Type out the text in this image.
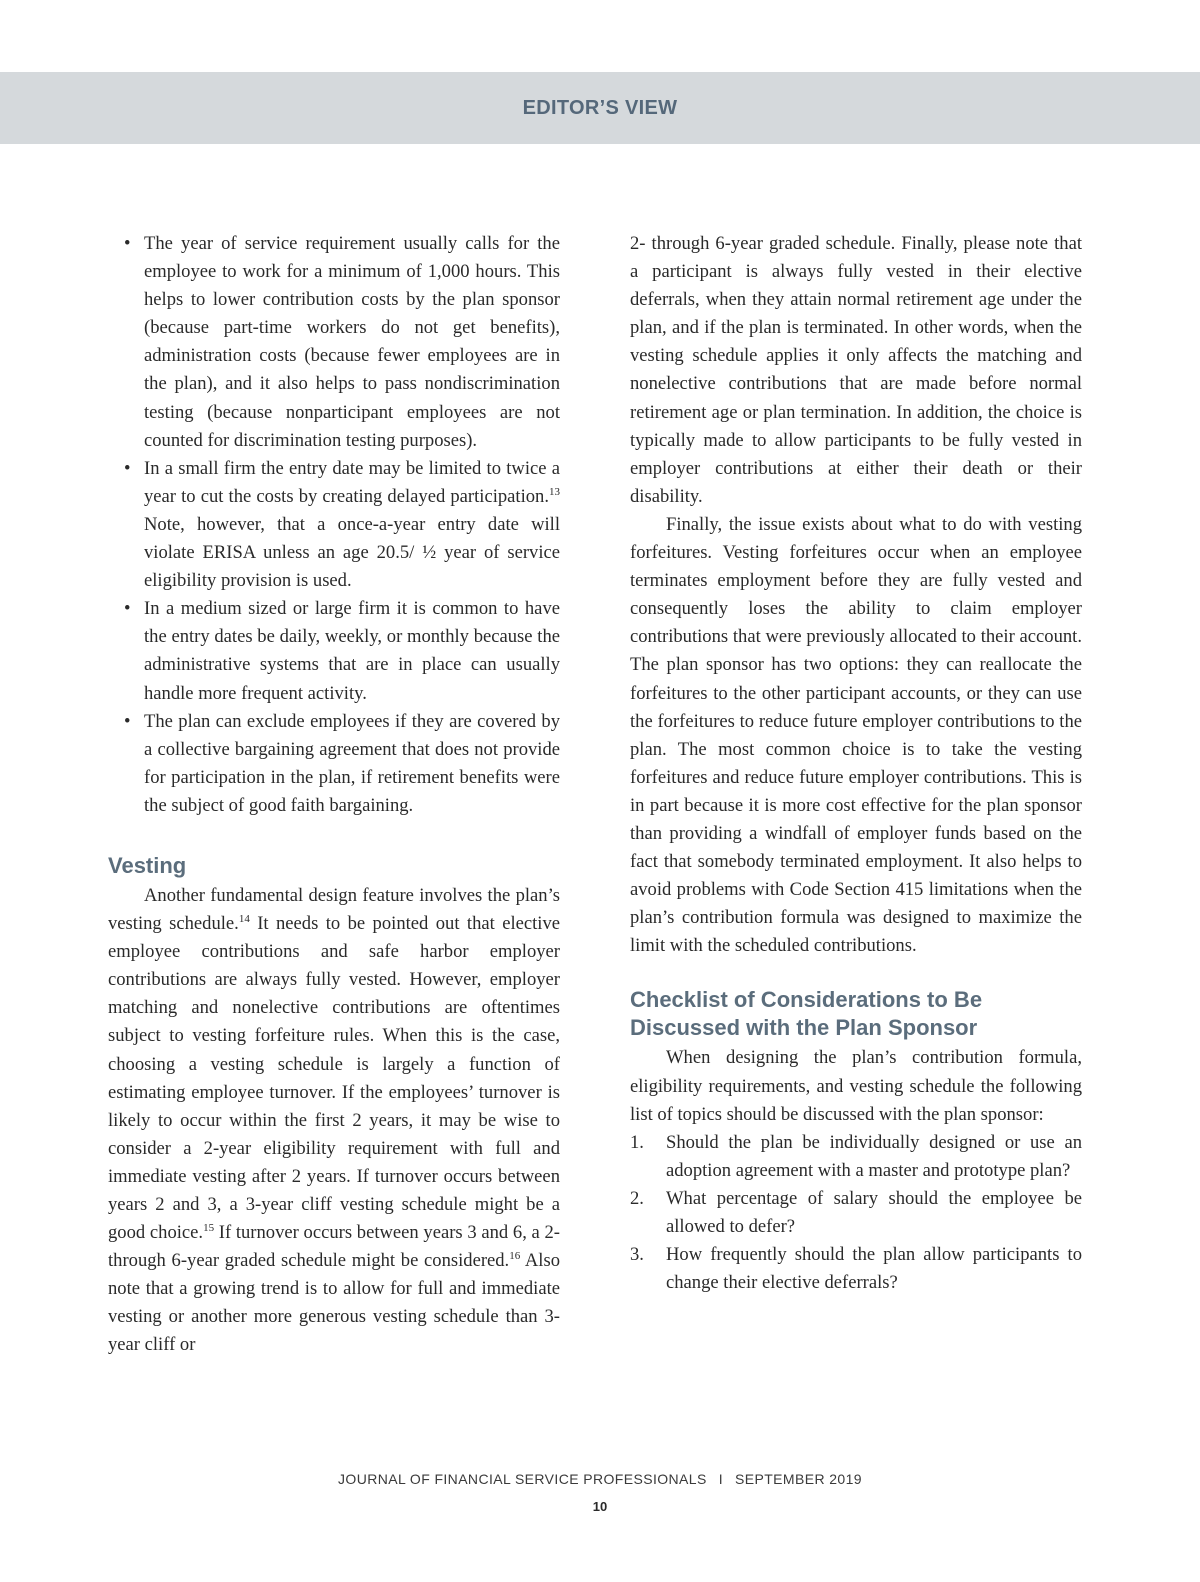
EDITOR’S VIEW
• The year of service requirement usually calls for the employee to work for a minimum of 1,000 hours. This helps to lower contribution costs by the plan sponsor (because part-time workers do not get benefits), administration costs (because fewer employees are in the plan), and it also helps to pass nondiscrimination testing (because nonparticipant employees are not counted for discrimination testing purposes).
• In a small firm the entry date may be limited to twice a year to cut the costs by creating delayed participation.$^{13}$ Note, however, that a once-a-year entry date will violate ERISA unless an age 20.5/ ½ year of service eligibility provision is used.
• In a medium sized or large firm it is common to have the entry dates be daily, weekly, or monthly because the administrative systems that are in place can usually handle more frequent activity.
• The plan can exclude employees if they are covered by a collective bargaining agreement that does not provide for participation in the plan, if retirement benefits were the subject of good faith bargaining.
Vesting

Another fundamental design feature involves the plan’s vesting schedule.$^{14}$ It needs to be pointed out that elective employee contributions and safe harbor employer contributions are always fully vested. However, employer matching and nonelective contributions are oftentimes subject to vesting forfeiture rules. When this is the case, choosing a vesting schedule is largely a function of estimating employee turnover. If the employees’ turnover is likely to occur within the first 2 years, it may be wise to consider a 2-year eligibility requirement with full and immediate vesting after 2 years. If turnover occurs between years 2 and 3, a 3-year cliff vesting schedule might be a good choice.$^{15}$ If turnover occurs between years 3 and 6, a 2- through 6-year graded schedule might be considered.$^{16}$ Also note that a growing trend is to allow for full and immediate vesting or another more generous vesting schedule than 3-year cliff or

2- through 6-year graded schedule. Finally, please note that a participant is always fully vested in their elective deferrals, when they attain normal retirement age under the plan, and if the plan is terminated. In other words, when the vesting schedule applies it only affects the matching and nonelective contributions that are made before normal retirement age or plan termination. In addition, the choice is typically made to allow participants to be fully vested in employer contributions at either their death or their disability.

Finally, the issue exists about what to do with vesting forfeitures. Vesting forfeitures occur when an employee terminates employment before they are fully vested and consequently loses the ability to claim employer contributions that were previously allocated to their account. The plan sponsor has two options: they can reallocate the forfeitures to the other participant accounts, or they can use the forfeitures to reduce future employer contributions to the plan. The most common choice is to take the vesting forfeitures and reduce future employer contributions. This is in part because it is more cost effective for the plan sponsor than providing a windfall of employer funds based on the fact that somebody terminated employment. It also helps to avoid problems with Code Section 415 limitations when the plan’s contribution formula was designed to maximize the limit with the scheduled contributions.

Checklist of Considerations to Be Discussed with the Plan Sponsor

When designing the plan’s contribution formula, eligibility requirements, and vesting schedule the following list of topics should be discussed with the plan sponsor:

1. Should the plan be individually designed or use an adoption agreement with a master and prototype plan?
2. What percentage of salary should the employee be allowed to defer?
3. How frequently should the plan allow participants to change their elective deferrals?
JOURNAL OF FINANCIAL SERVICE PROFESSIONALS I SEPTEMBER 2019
10
